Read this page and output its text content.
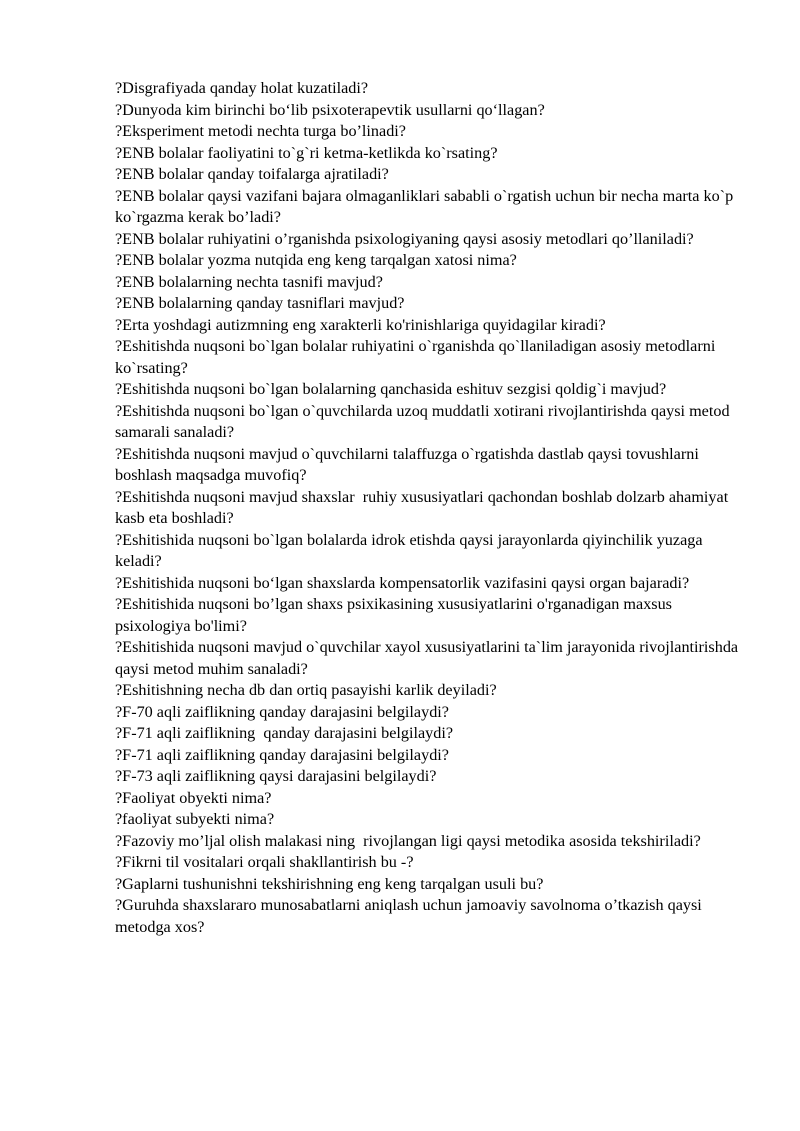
?Disgrafiyada qanday holat kuzatiladi?

?Dunyoda kim birinchi bo‘lib psixoterapevtik usullarni qo‘llagan?

?Eksperiment metodi nechta turga bo’linadi?

?ENB bolalar faoliyatini to`g`ri ketma-ketlikda ko`rsating?

?ENB bolalar qanday toifalarga ajratiladi?

?ENB bolalar qaysi vazifani bajara olmaganliklari sababli o`rgatish uchun bir necha marta ko`p ko`rgazma kerak bo’ladi?

?ENB bolalar ruhiyatini o’rganishda psixologiyaning qaysi asosiy metodlari qo’llaniladi?

?ENB bolalar yozma nutqida eng keng tarqalgan xatosi nima?

?ENB bolalarning nechta tasnifi mavjud?

?ENB bolalarning qanday tasniflari mavjud?

?Erta yoshdagi autizmning eng xarakterli ko'rinishlariga quyidagilar kiradi?

?Eshitishda nuqsoni bo`lgan bolalar ruhiyatini o`rganishda qo`llaniladigan asosiy metodlarni ko`rsating?

?Eshitishda nuqsoni bo`lgan bolalarning qanchasida eshituv sezgisi qoldig`i mavjud?

?Eshitishda nuqsoni bo`lgan o`quvchilarda uzoq muddatli xotirani rivojlantirishda qaysi metod samarali sanaladi?

?Eshitishda nuqsoni mavjud o`quvchilarni talaffuzga o`rgatishda dastlab qaysi tovushlarni boshlash maqsadga muvofiq?

?Eshitishda nuqsoni mavjud shaxslar  ruhiy xususiyatlari qachondan boshlab dolzarb ahamiyat kasb eta boshladi?

?Eshitishida nuqsoni bo`lgan bolalarda idrok etishda qaysi jarayonlarda qiyinchilik yuzaga keladi?

?Eshitishida nuqsoni bo‘lgan shaxslarda kompensatorlik vazifasini qaysi organ bajaradi?

?Eshitishida nuqsoni bo’lgan shaxs psixikasining xususiyatlarini o'rganadigan maxsus psixologiya bo'limi?

?Eshitishida nuqsoni mavjud o`quvchilar xayol xususiyatlarini ta`lim jarayonida rivojlantirishda qaysi metod muhim sanaladi?

?Eshitishning necha db dan ortiq pasayishi karlik deyiladi?

?F-70 aqli zaiflikning qanday darajasini belgilaydi?

?F-71 aqli zaiflikning  qanday darajasini belgilaydi?

?F-71 aqli zaiflikning qanday darajasini belgilaydi?

?F-73 aqli zaiflikning qaysi darajasini belgilaydi?

?Faoliyat obyekti nima?

?faoliyat subyekti nima?

?Fazoviy mo’ljal olish malakasi ning  rivojlangan ligi qaysi metodika asosida tekshiriladi?

?Fikrni til vositalari orqali shakllantirish bu -?

?Gaplarni tushunishni tekshirishning eng keng tarqalgan usuli bu?

?Guruhda shaxslararo munosabatlarni aniqlash uchun jamoaviy savolnoma o’tkazish qaysi metodga xos?
